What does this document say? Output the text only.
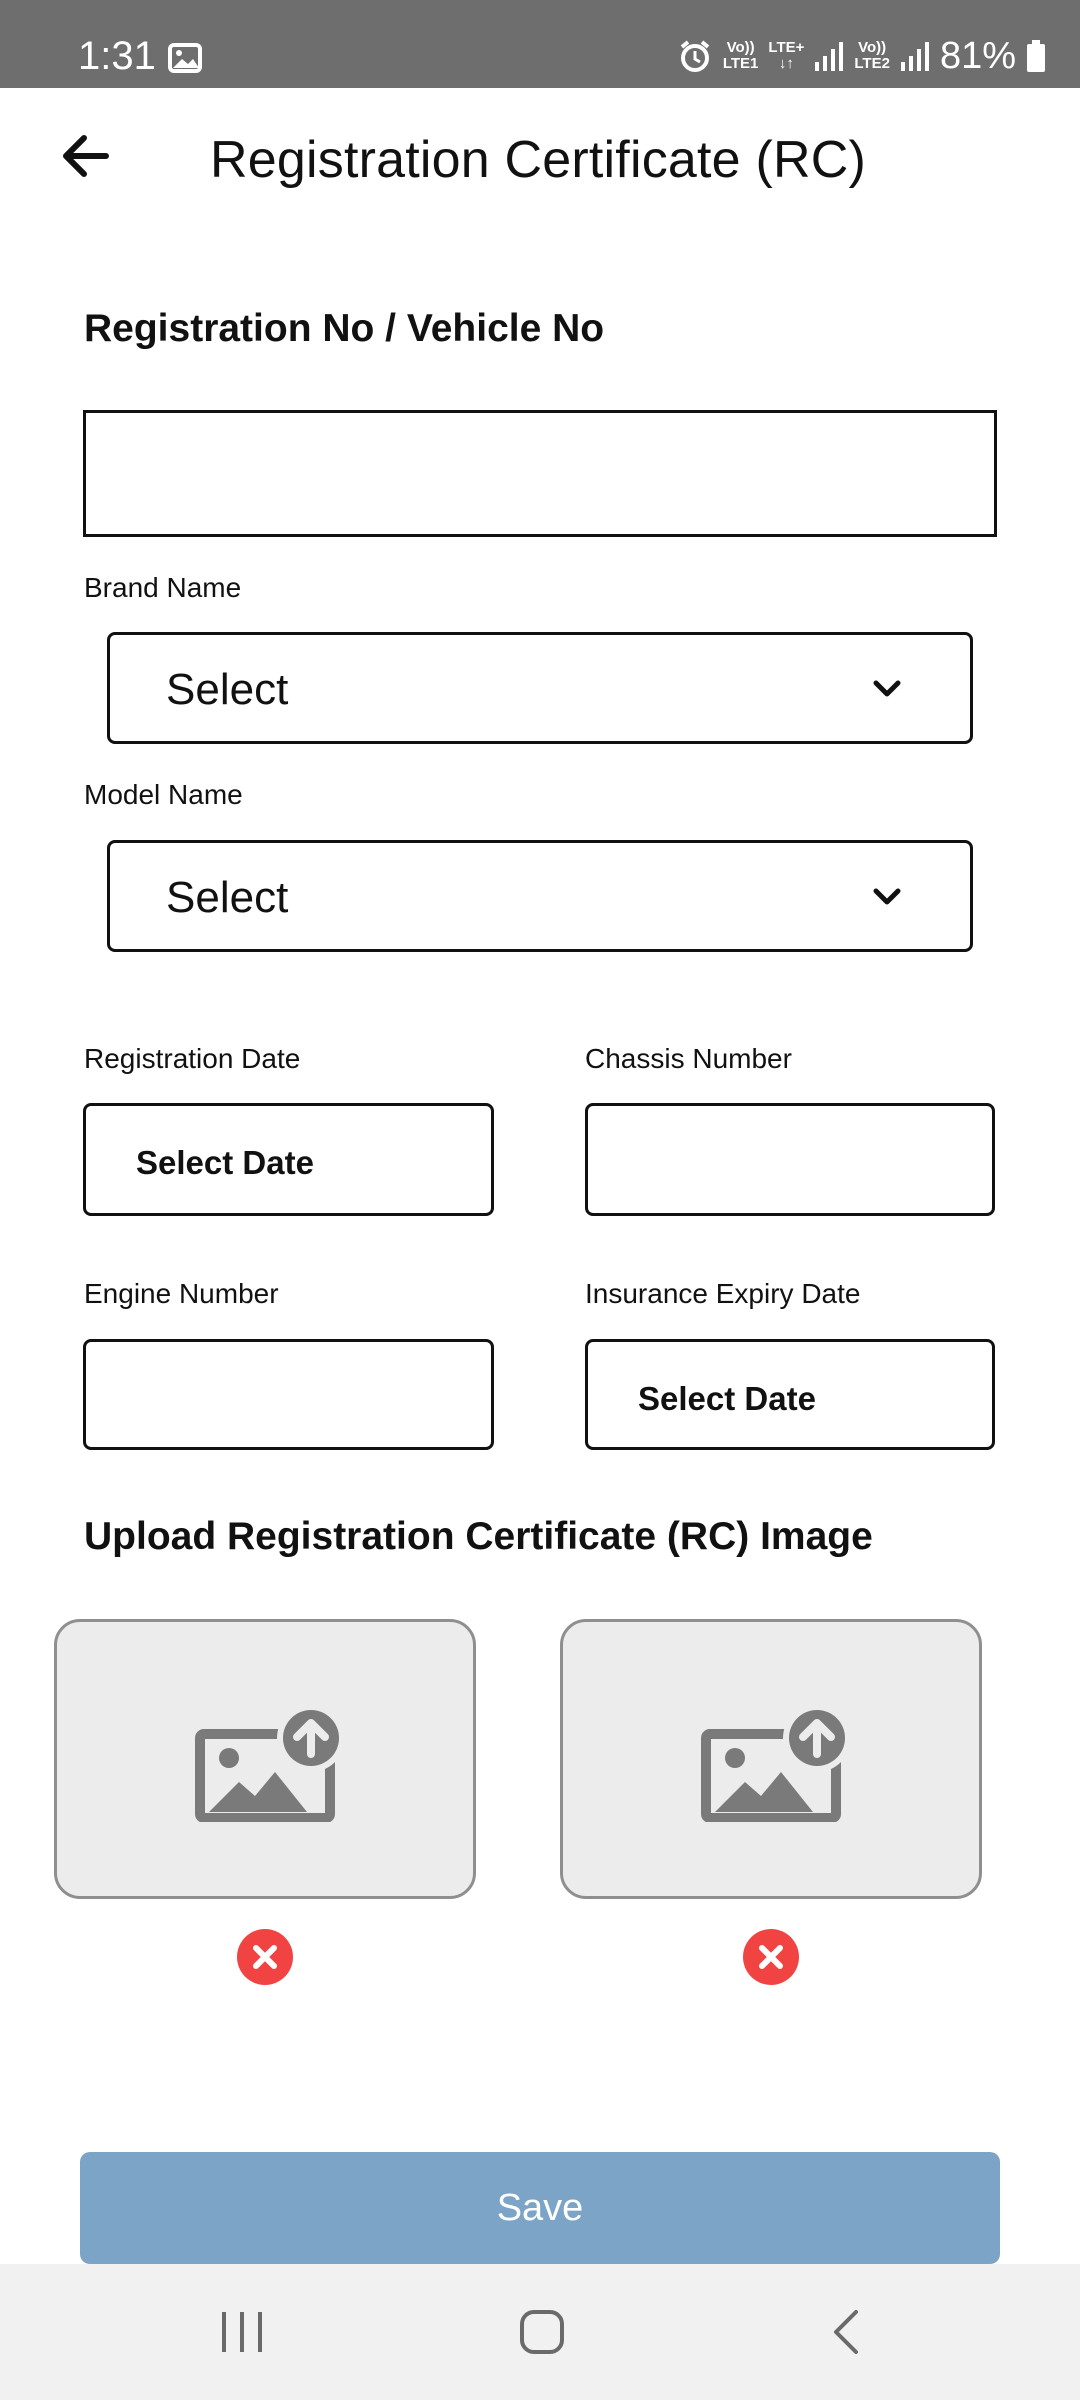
1:31	Vo))
LTE1
LTE+
↓↑
Vo))
LTE2 81%
Registration Certificate (RC)
Registration No / Vehicle No
Brand Name
Select
Model Name
Select
Registration Date
Select Date
Chassis Number
Engine Number	Insurance Expiry Date
Select Date
Upload Registration Certificate (RC) Image
Save
